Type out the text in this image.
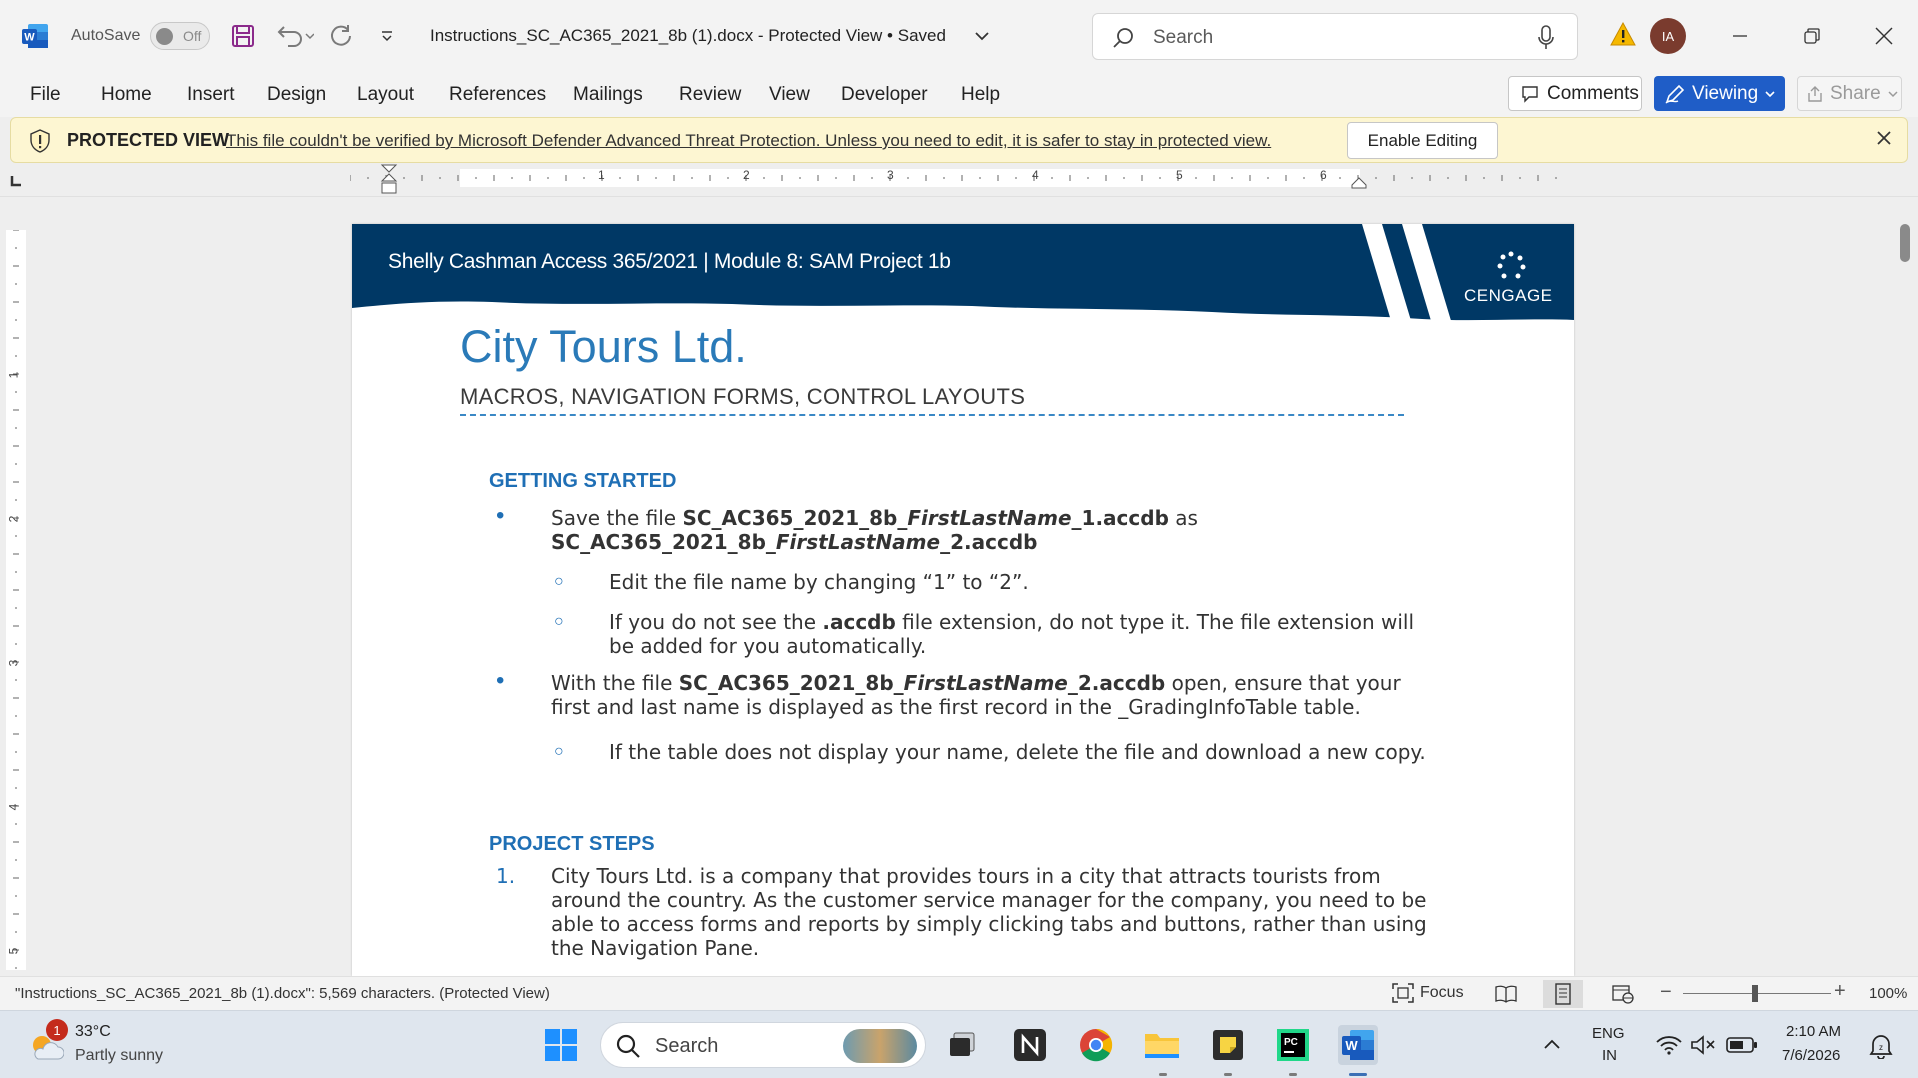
W AutoSave	Off	Instructions_SC_AC365_2021_8b (1).docx - Protected View • Saved	Search	IA
File Home Insert Design Layout References Mailings Review View Developer Help	Comments	Viewing	Share
PROTECTED VIEW
This file couldn't be verified by Microsoft Defender Advanced Threat Protection. Unless you need to edit, it is safer to stay in protected view.	Enable Editing
1	2	3	4	5	6
1
2
3
4
5
Shelly Cashman Access 365/2021 | Module 8: SAM Project 1b
CENGAGE
City Tours Ltd.
MACROS, NAVIGATION FORMS, CONTROL LAYOUTS
GETTING STARTED
• Save the file SC_AC365_2021_8b_FirstLastName_1.accdb as
SC_AC365_2021_8b_FirstLastName_2.accdb
○ Edit the file name by changing “1” to “2”.
○ If you do not see the .accdb file extension, do not type it. The file extension will
be added for you automatically.
• With the file SC_AC365_2021_8b_FirstLastName_2.accdb open, ensure that your
first and last name is displayed as the first record in the _GradingInfoTable table.
○ If the table does not display your name, delete the file and download a new copy.
PROJECT STEPS
1. City Tours Ltd. is a company that provides tours in a city that attracts tourists from
around the country. As the customer service manager for the company, you need to be
able to access forms and reports by simply clicking tabs and buttons, rather than using
the Navigation Pane.
"Instructions_SC_AC365_2021_8b (1).docx": 5,569 characters. (Protected View)	Focus	−	+ 100%
1 33°C
Partly sunny	Search	PC	W
ENG
IN
2:10 AM
7/6/2026	z
